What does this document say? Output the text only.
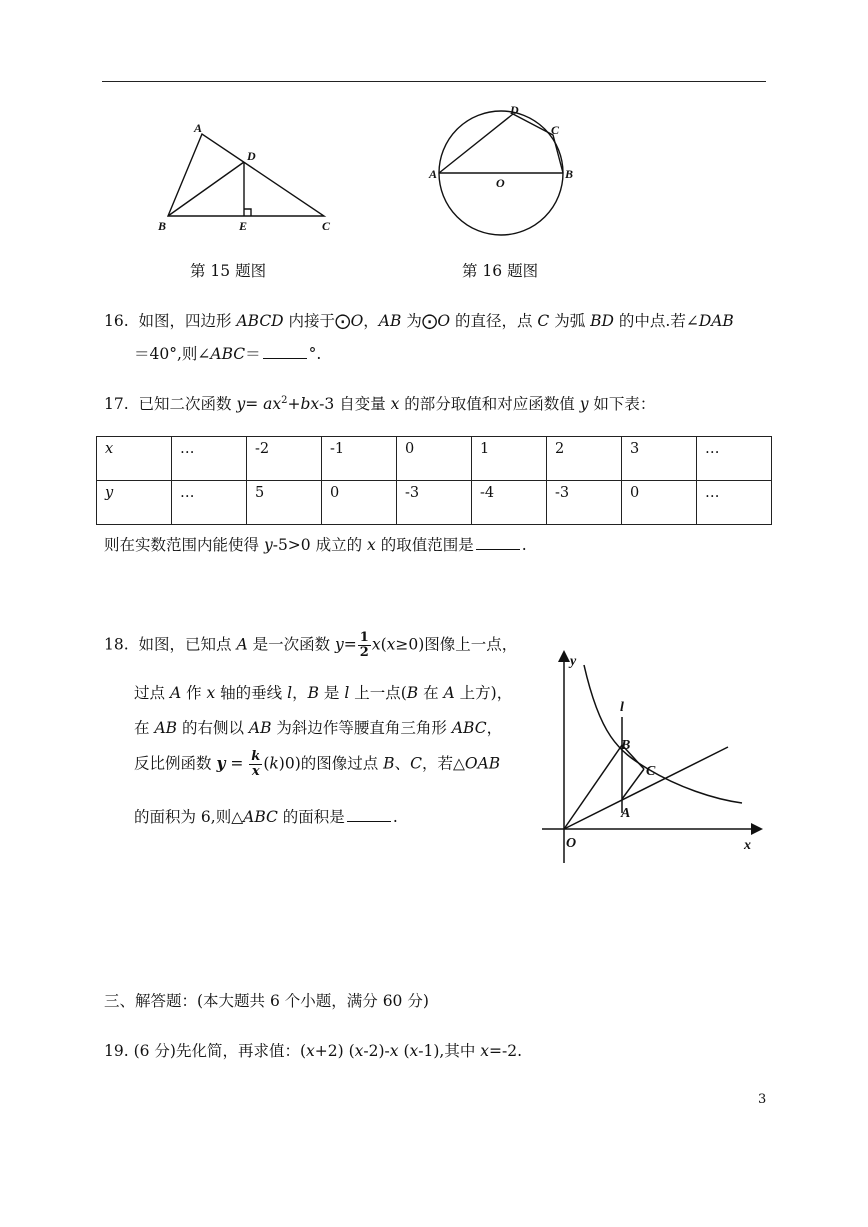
A
B	C
D
E
第 15 题图
A	B
C
D
O
第 16 题图
16. 如图，四边形 ABCD 内接于⨀O，AB 为⨀O 的直径，点 C 为弧 BD 的中点.若∠DAB
＝40°,则∠ABC＝	°.
17. 已知二次函数 $y= ax^2+bx-3$ 自变量 x 的部分取值和对应函数值 y 如下表：
x	…	-2	-1	0	1	2	3	…
y	…	5	0	-3	-4	-3	0	…
则在实数范围内能使得 y-5>0 成立的 x 的取值范围是	.
18. 如图，已知点 A 是一次函数 $y= \frac{1}{2} x(x\ge 0)$图像上一点，
过点 A 作 x 轴的垂线 l，B 是 l 上一点(B 在 A 上方)，
在 AB 的右侧以 AB 为斜边作等腰直角三角形 ABC，
反比例函数 $y = \frac{k}{x} (k)0$)的图像过点 B、C，若△OAB
的面积为 6,则△ABC 的面积是	.
y
x
O
l
B
C
A
三、解答题：(本大题共 6 个小题，满分 60 分)
19. (6 分)先化简，再求值：(x+2) (x-2)-x (x-1),其中 x=-2.
3
